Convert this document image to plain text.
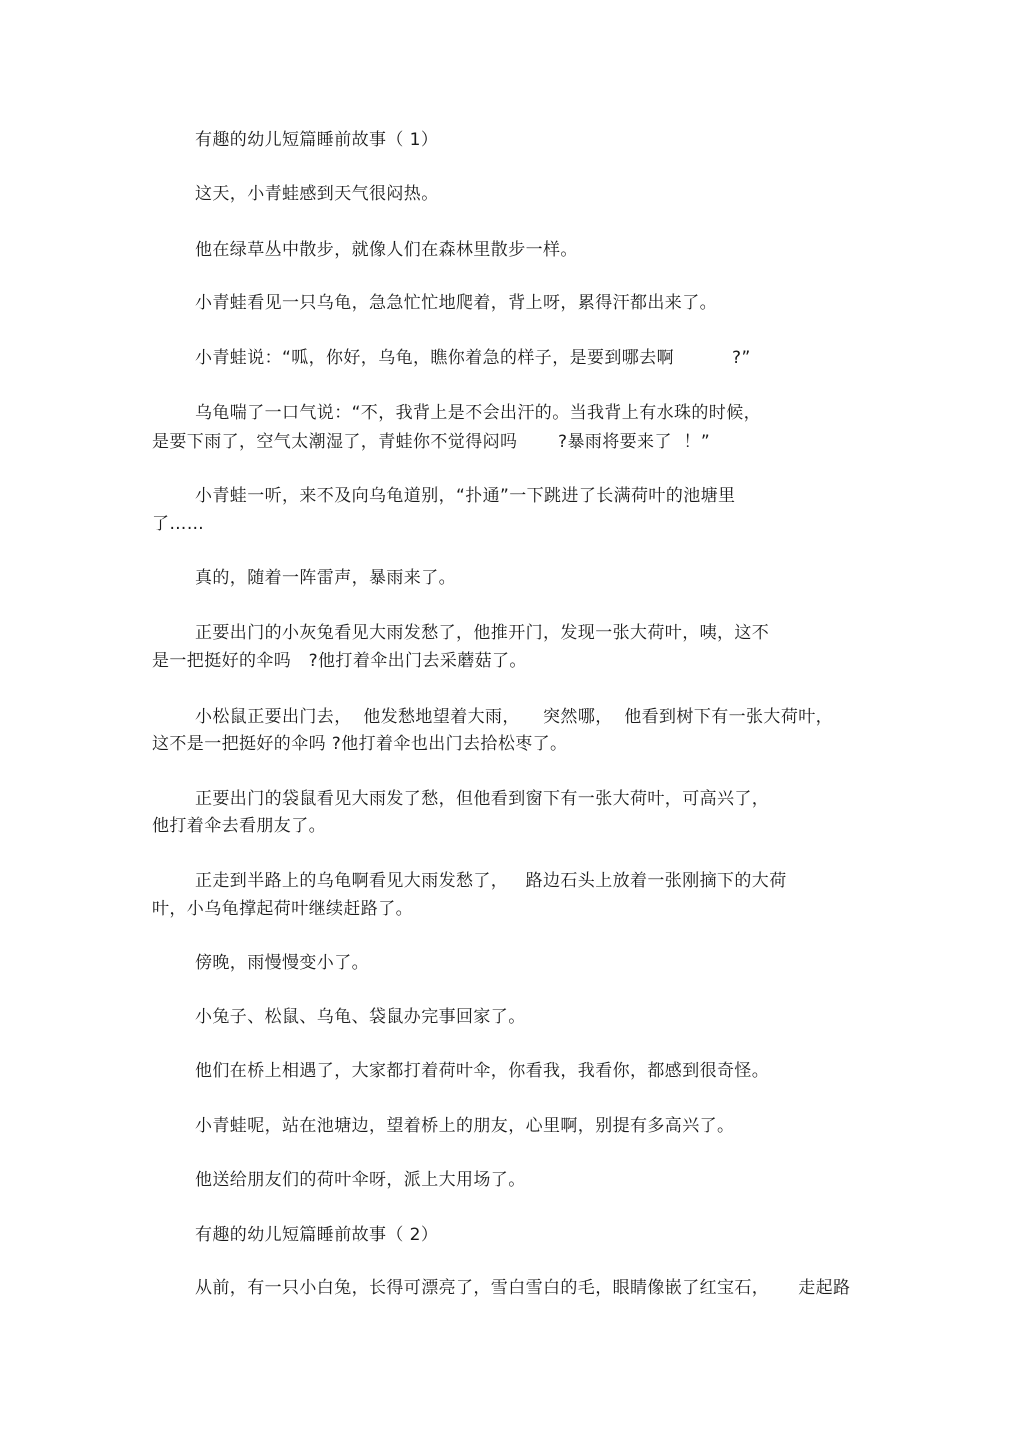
有趣的幼儿短篇睡前故事（ 1）
这天，小青蛙感到天气很闷热。
他在绿草丛中散步，就像人们在森林里散步一样。
小青蛙看见一只乌龟，急急忙忙地爬着，背上呀，累得汗都出来了。
小青蛙说：“呱，你好，乌龟，瞧你着急的样子，是要到哪去啊          ?”
乌龟喘了一口气说：“不，我背上是不会出汗的。当我背上有水珠的时候，
是要下雨了，空气太潮湿了，青蛙你不觉得闷吗       ?暴雨将要来了  ！”
小青蛙一听，来不及向乌龟道别，“扑通”一下跳进了长满荷叶的池塘里
了……
真的，随着一阵雷声，暴雨来了。
正要出门的小灰兔看见大雨发愁了，他推开门，发现一张大荷叶，咦，这不
是一把挺好的伞吗   ?他打着伞出门去采蘑菇了。
小松鼠正要出门去，  他发愁地望着大雨，    突然哪，  他看到树下有一张大荷叶，
这不是一把挺好的伞吗 ?他打着伞也出门去拾松枣了。
正要出门的袋鼠看见大雨发了愁，但他看到窗下有一张大荷叶，可高兴了，
他打着伞去看朋友了。
正走到半路上的乌龟啊看见大雨发愁了，   路边石头上放着一张刚摘下的大荷
叶，小乌龟撑起荷叶继续赶路了。
傍晚，雨慢慢变小了。
小兔子、松鼠、乌龟、袋鼠办完事回家了。
他们在桥上相遇了，大家都打着荷叶伞，你看我，我看你，都感到很奇怪。
小青蛙呢，站在池塘边，望着桥上的朋友，心里啊，别提有多高兴了。
他送给朋友们的荷叶伞呀，派上大用场了。
有趣的幼儿短篇睡前故事（ 2）
从前，有一只小白兔，长得可漂亮了，雪白雪白的毛，眼睛像嵌了红宝石，     走起路
